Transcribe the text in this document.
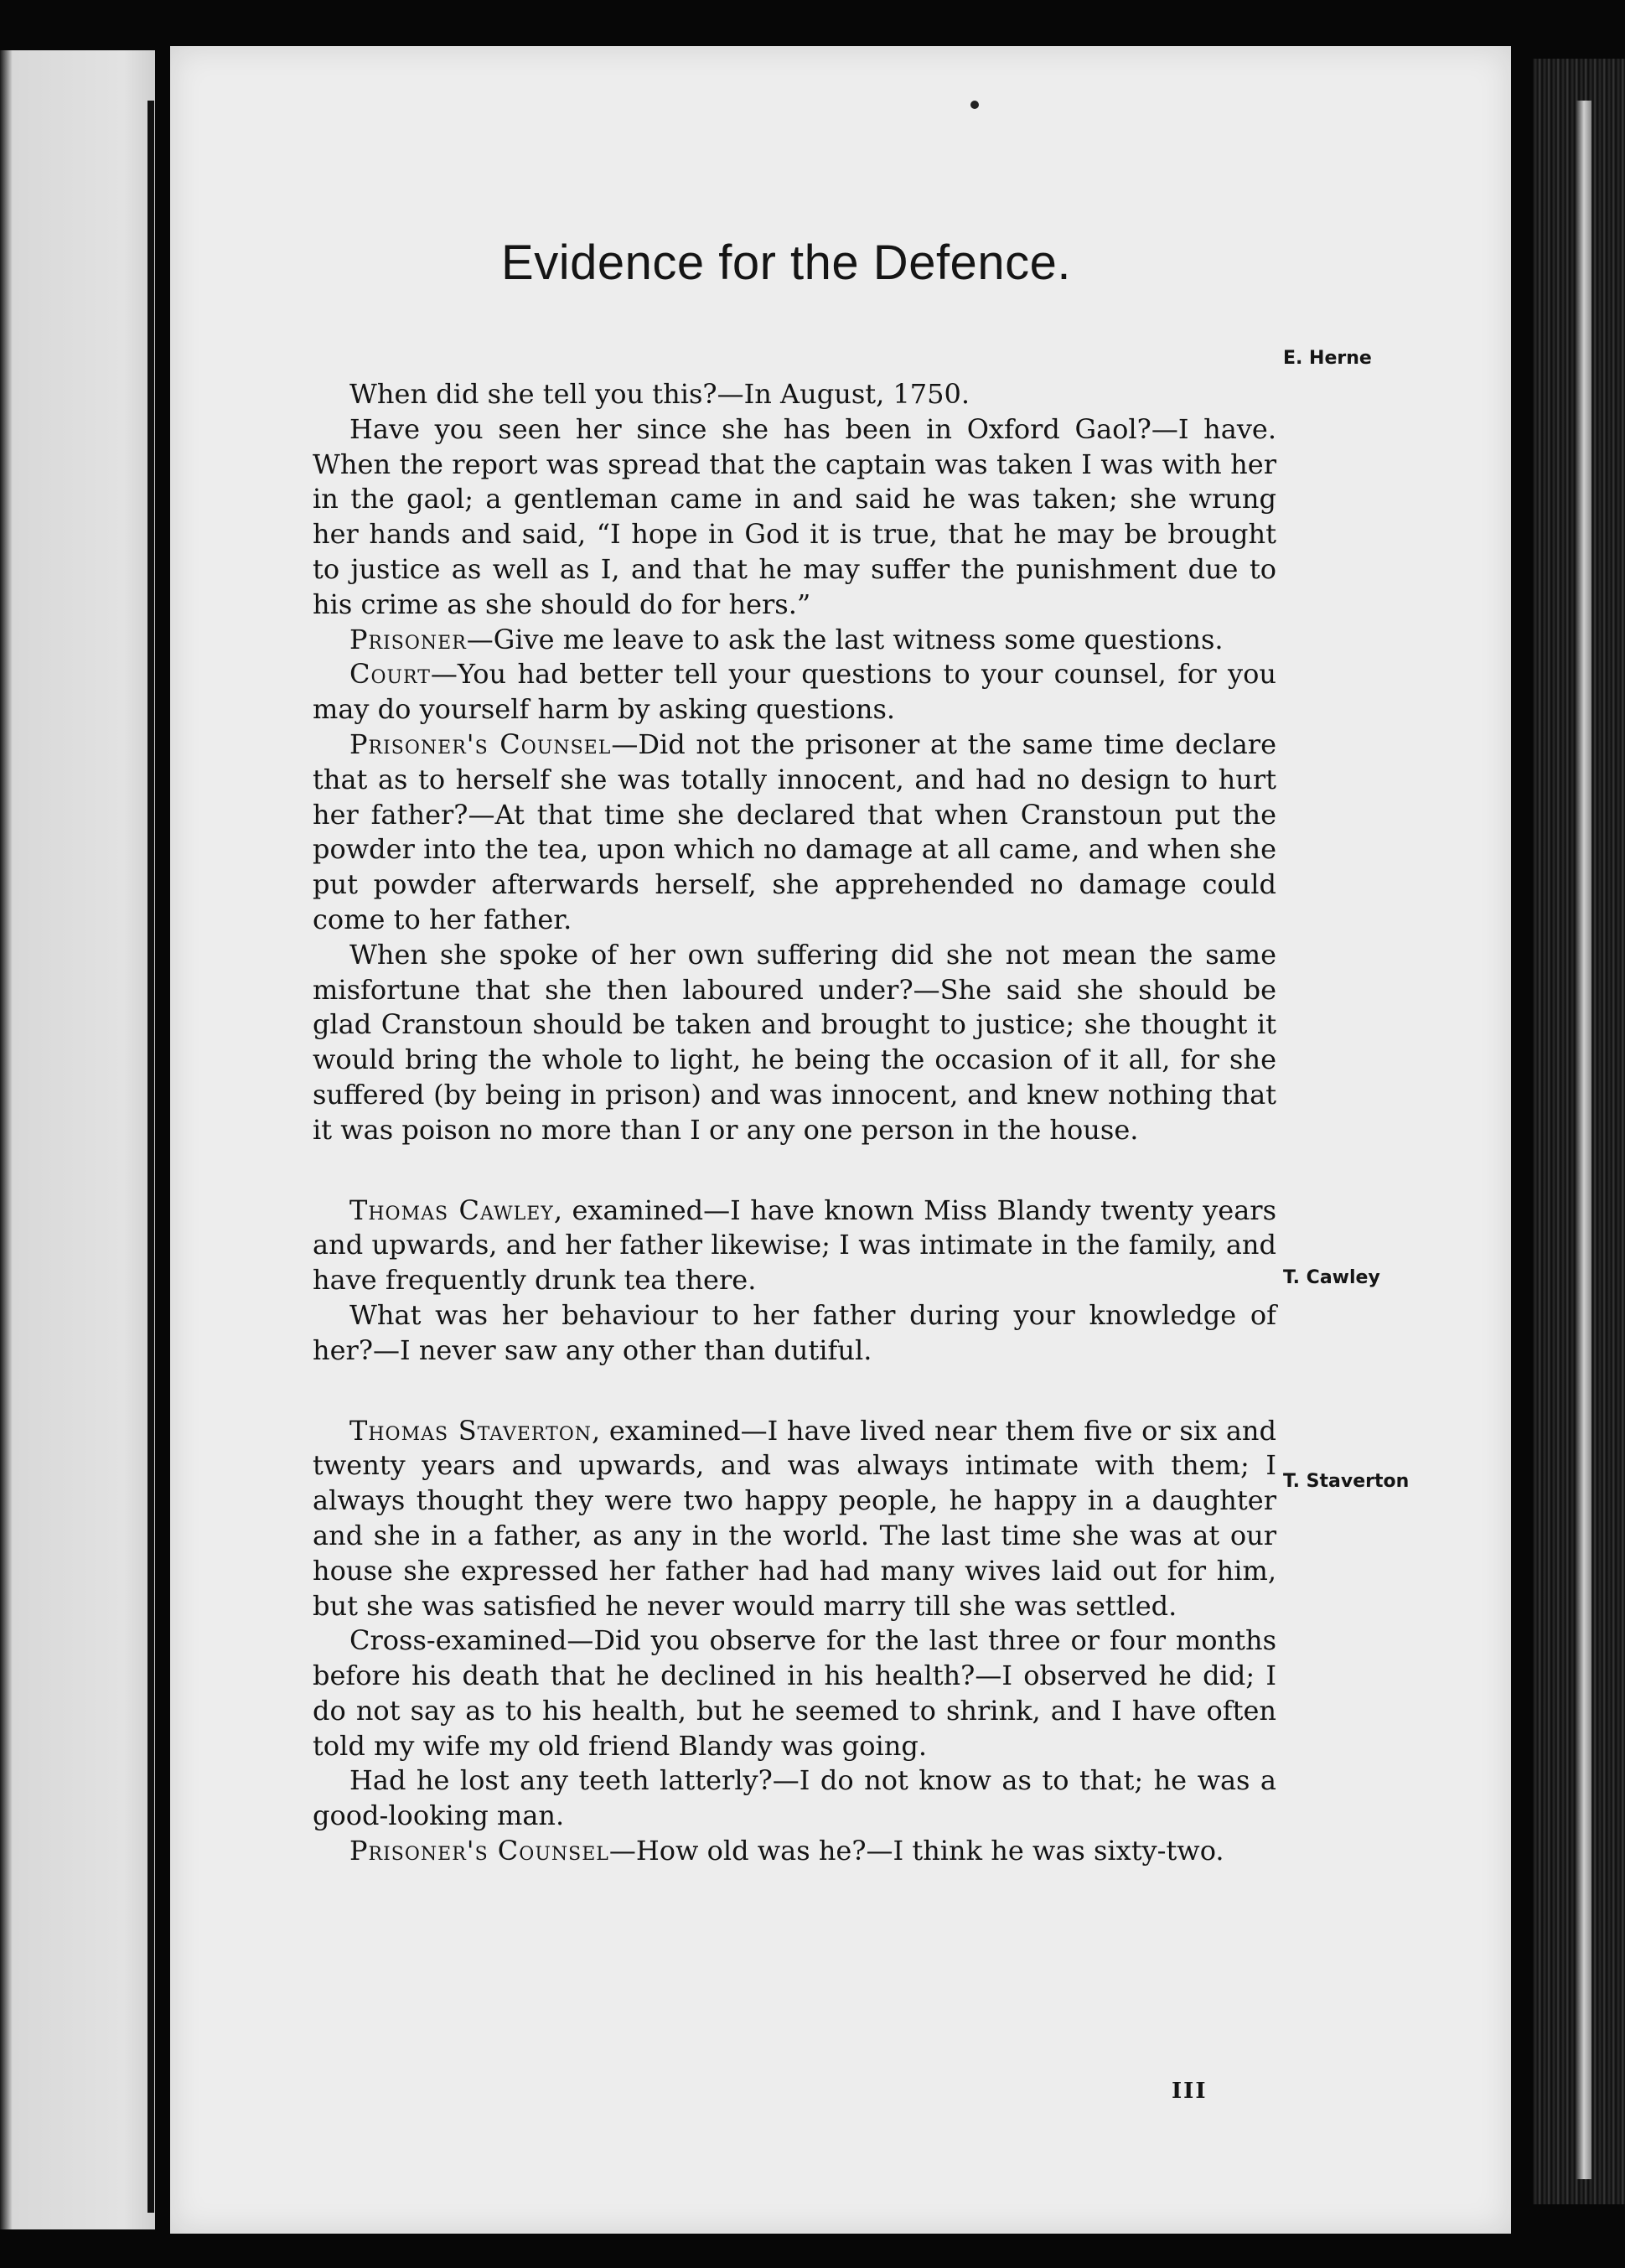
Evidence for the Defence.

When did she tell you this?—In August, 1750.

Have you seen her since she has been in Oxford Gaol?—I have. When the report was spread that the captain was taken I was with her in the gaol; a gentleman came in and said he was taken; she wrung her hands and said, “I hope in God it is true, that he may be brought to justice as well as I, and that he may suffer the punishment due to his crime as she should do for hers.”

Prisoner—Give me leave to ask the last witness some questions.

Court—You had better tell your questions to your counsel, for you may do yourself harm by asking questions.

Prisoner's Counsel—Did not the prisoner at the same time declare that as to herself she was totally innocent, and had no design to hurt her father?—At that time she declared that when Cranstoun put the powder into the tea, upon which no damage at all came, and when she put powder afterwards herself, she apprehended no damage could come to her father.

When she spoke of her own suffering did she not mean the same misfortune that she then laboured under?—She said she should be glad Cranstoun should be taken and brought to justice; she thought it would bring the whole to light, he being the occasion of it all, for she suffered (by being in prison) and was innocent, and knew nothing that it was poison no more than I or any one person in the house.

Thomas Cawley, examined—I have known Miss Blandy twenty years and upwards, and her father likewise; I was intimate in the family, and have frequently drunk tea there.

What was her behaviour to her father during your knowledge of her?—I never saw any other than dutiful.

Thomas Staverton, examined—I have lived near them five or six and twenty years and upwards, and was always intimate with them; I always thought they were two happy people, he happy in a daughter and she in a father, as any in the world. The last time she was at our house she expressed her father had had many wives laid out for him, but she was satisfied he never would marry till she was settled.

Cross-examined—Did you observe for the last three or four months before his death that he declined in his health?—I observed he did; I do not say as to his health, but he seemed to shrink, and I have often told my wife my old friend Blandy was going.

Had he lost any teeth latterly?—I do not know as to that; he was a good-looking man.

Prisoner's Counsel—How old was he?—I think he was sixty-two.

E. Herne
T. Cawley
T. Staverton
III
